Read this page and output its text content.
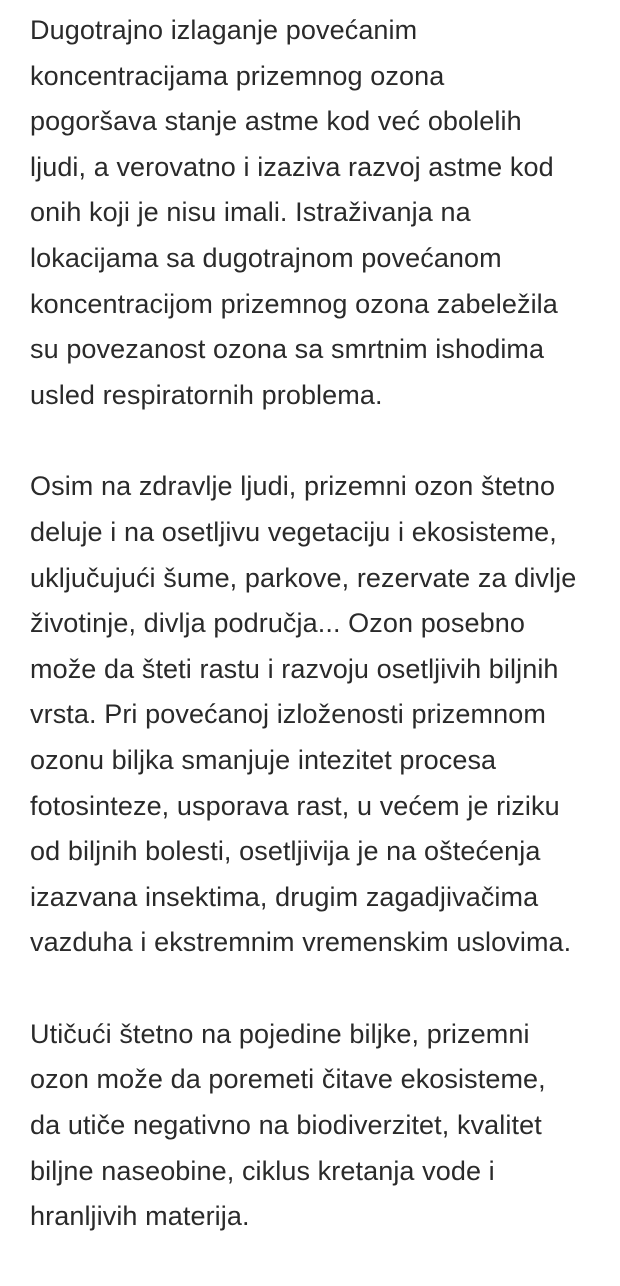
Dugotrajno izlaganje povećanim
koncentracijama prizemnog ozona
pogoršava stanje astme kod već obolelih
ljudi, a verovatno i izaziva razvoj astme kod
onih koji je nisu imali. Istraživanja na
lokacijama sa dugotrajnom povećanom
koncentracijom prizemnog ozona zabeležila
su povezanost ozona sa smrtnim ishodima
usled respiratornih problema.

Osim na zdravlje ljudi, prizemni ozon štetno
deluje i na osetljivu vegetaciju i ekosisteme,
uključujući šume, parkove, rezervate za divlje
životinje, divlja područja... Ozon posebno
može da šteti rastu i razvoju osetljivih biljnih
vrsta. Pri povećanoj izloženosti prizemnom
ozonu biljka smanjuje intezitet procesa
fotosinteze, usporava rast, u većem je riziku
od biljnih bolesti, osetljivija je na oštećenja
izazvana insektima, drugim zagadjivačima
vazduha i ekstremnim vremenskim uslovima.

Utičući štetno na pojedine biljke, prizemni
ozon može da poremeti čitave ekosisteme,
da utiče negativno na biodiverzitet, kvalitet
biljne naseobine, ciklus kretanja vode i
hranljivih materija.
